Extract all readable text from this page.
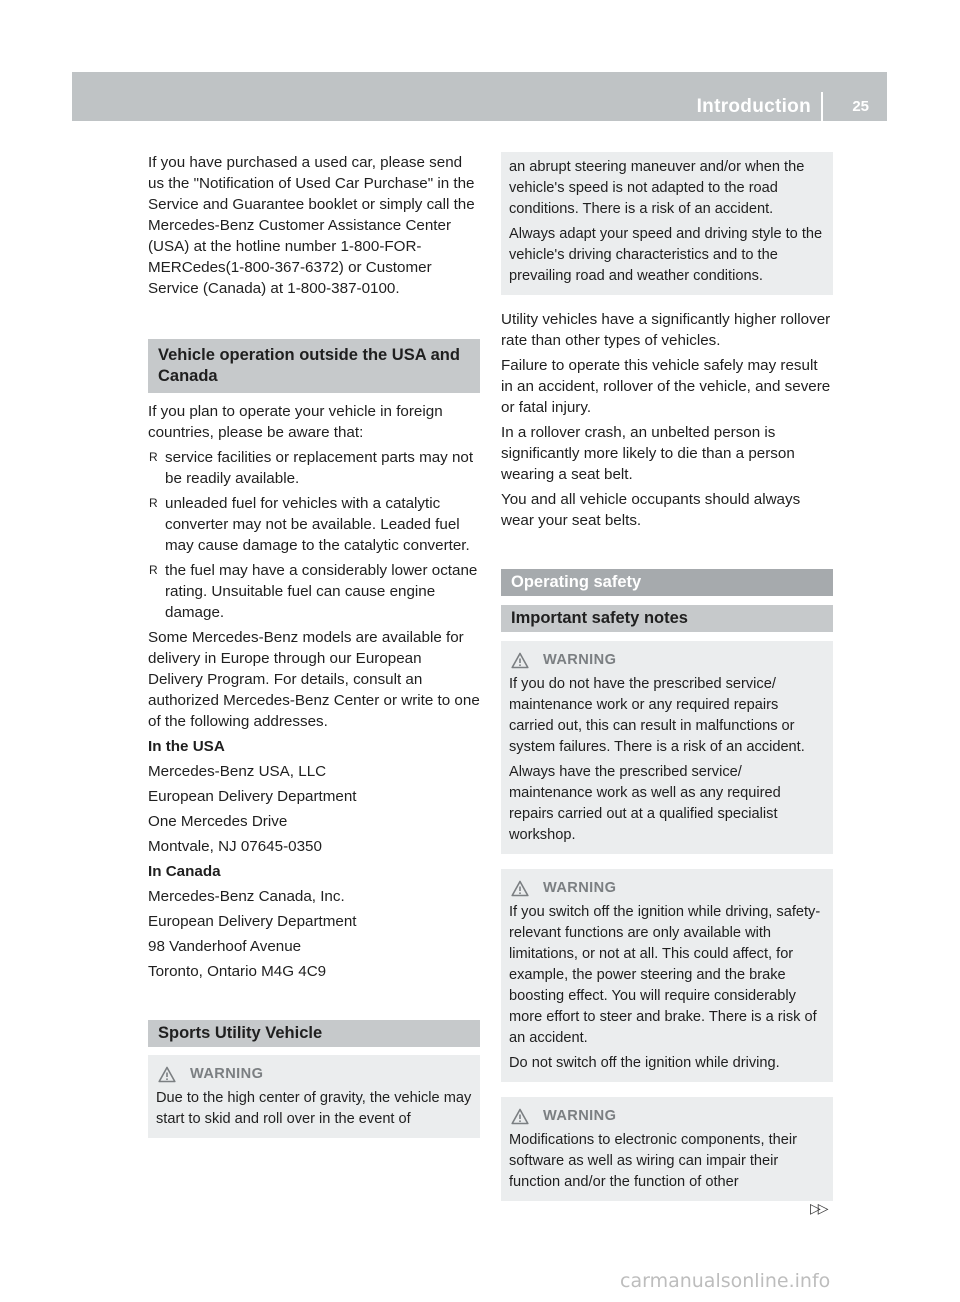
Introduction	25

If you have purchased a used car, please send us the "Notification of Used Car Purchase" in the Service and Guarantee booklet or simply call the Mercedes-Benz Customer Assistance Center (USA) at the hotline number 1-800-FOR-MERCedes(1-800-367-6372) or Customer Service (Canada) at 1-800-387-0100.

Vehicle operation outside the USA and Canada

If you plan to operate your vehicle in foreign countries, please be aware that:

R service facilities or replacement parts may not be readily available.
R unleaded fuel for vehicles with a catalytic converter may not be available. Leaded fuel may cause damage to the catalytic converter.
R the fuel may have a considerably lower octane rating. Unsuitable fuel can cause engine damage.

Some Mercedes-Benz models are available for delivery in Europe through our European Delivery Program. For details, consult an authorized Mercedes-Benz Center or write to one of the following addresses.

In the USA

Mercedes-Benz USA, LLC

European Delivery Department

One Mercedes Drive

Montvale, NJ 07645-0350

In Canada

Mercedes-Benz Canada, Inc.

European Delivery Department

98 Vanderhoof Avenue

Toronto, Ontario M4G 4C9

Sports Utility Vehicle
WARNING

Due to the high center of gravity, the vehicle may start to skid and roll over in the event of

an abrupt steering maneuver and/or when the vehicle's speed is not adapted to the road conditions. There is a risk of an accident.

Always adapt your speed and driving style to the vehicle's driving characteristics and to the prevailing road and weather conditions.

Utility vehicles have a significantly higher rollover rate than other types of vehicles.

Failure to operate this vehicle safely may result in an accident, rollover of the vehicle, and severe or fatal injury.

In a rollover crash, an unbelted person is significantly more likely to die than a person wearing a seat belt.

You and all vehicle occupants should always wear your seat belts.

Operating safety
Important safety notes
WARNING

If you do not have the prescribed service/ maintenance work or any required repairs carried out, this can result in malfunctions or system failures. There is a risk of an accident.

Always have the prescribed service/ maintenance work as well as any required repairs carried out at a qualified specialist workshop.

WARNING

If you switch off the ignition while driving, safety-relevant functions are only available with limitations, or not at all. This could affect, for example, the power steering and the brake boosting effect. You will require considerably more effort to steer and brake. There is a risk of an accident.

Do not switch off the ignition while driving.

WARNING

Modifications to electronic components, their software as well as wiring can impair their function and/or the function of other

▷▷
carmanualsonline.info
